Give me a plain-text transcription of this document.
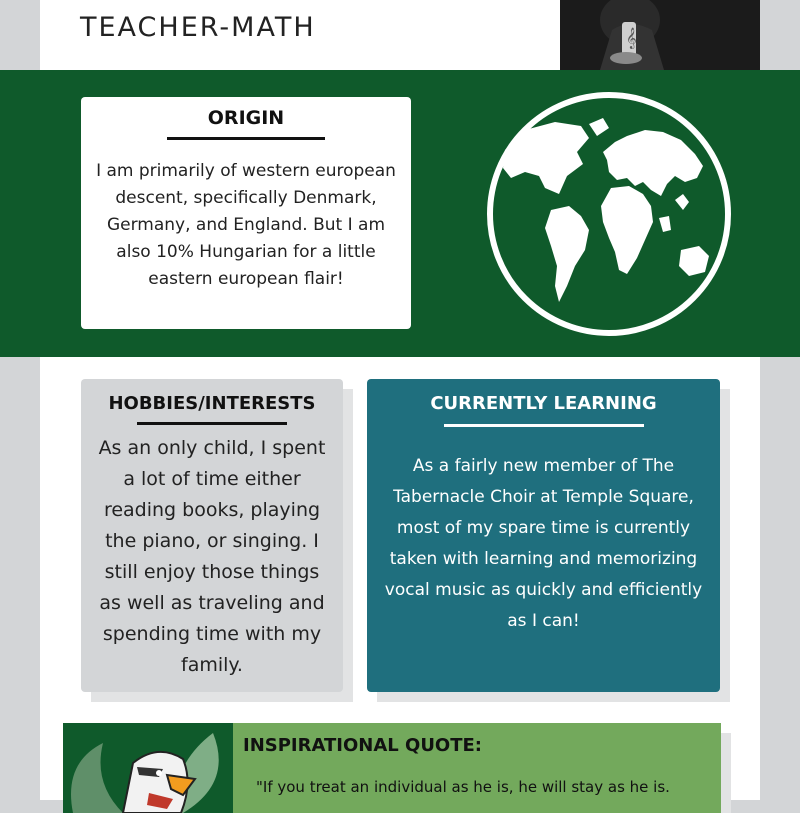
TEACHER-MATH	𝄞
ORIGIN

I am primarily of western european descent, specifically Denmark, Germany, and England. But I am also 10% Hungarian for a little eastern european flair!

HOBBIES/INTERESTS

As an only child, I spent a lot of time either reading books, playing the piano, or singing. I still enjoy those things as well as traveling and spending time with my family.

CURRENTLY LEARNING

As a fairly new member of The Tabernacle Choir at Temple Square, most of my spare time is currently taken with learning and memorizing vocal music as quickly and efficiently as I can!

INSPIRATIONAL QUOTE:

"If you treat an individual as he is, he will stay as he is.
